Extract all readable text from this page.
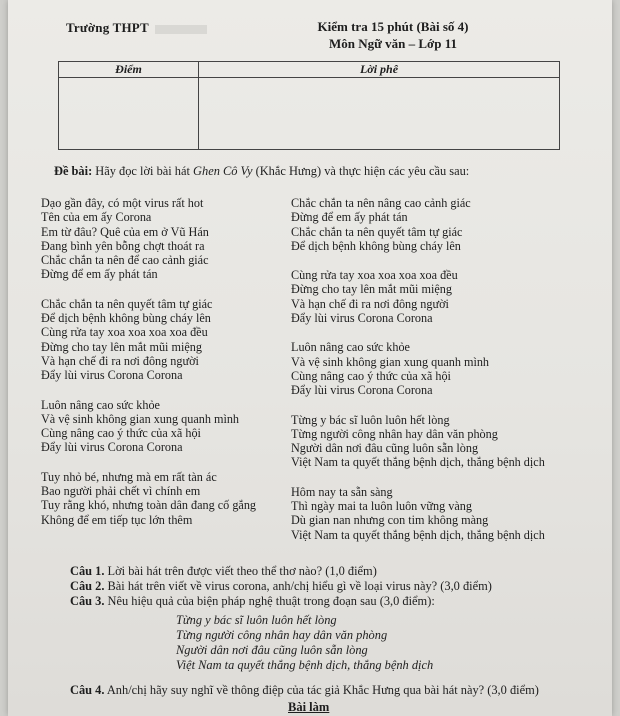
Trường THPT	Kiểm tra 15 phút (Bài số 4)
Môn Ngữ văn – Lớp 11
Điểm	Lời phê

Đề bài: Hãy đọc lời bài hát Ghen Cô Vy (Khắc Hưng) và thực hiện các yêu cầu sau:
Dạo gần đây, có một virus rất hot
Tên của em ấy Corona
Em từ đâu? Quê của em ở Vũ Hán
Đang bình yên bỗng chợt thoát ra
Chắc chắn ta nên để cao cảnh giác
Đừng để em ấy phát tán
Chắc chắn ta nên quyết tâm tự giác
Để dịch bệnh không bùng cháy lên
Cùng rửa tay xoa xoa xoa xoa đều
Đừng cho tay lên mắt mũi miệng
Và hạn chế đi ra nơi đông người
Đẩy lùi virus Corona Corona
Luôn nâng cao sức khỏe
Và vệ sinh không gian xung quanh mình
Cùng nâng cao ý thức của xã hội
Đẩy lùi virus Corona Corona
Tuy nhỏ bé, nhưng mà em rất tàn ác
Bao người phải chết vì chính em
Tuy rằng khó, nhưng toàn dân đang cố gắng
Không để em tiếp tục lớn thêm
Chắc chắn ta nên nâng cao cảnh giác
Đừng để em ấy phát tán
Chắc chắn ta nên quyết tâm tự giác
Để dịch bệnh không bùng cháy lên
Cùng rửa tay xoa xoa xoa xoa đều
Đừng cho tay lên mắt mũi miệng
Và hạn chế đi ra nơi đông người
Đẩy lùi virus Corona Corona
Luôn nâng cao sức khỏe
Và vệ sinh không gian xung quanh mình
Cùng nâng cao ý thức của xã hội
Đẩy lùi virus Corona Corona
Từng y bác sĩ luôn luôn hết lòng
Từng người công nhân hay dân văn phòng
Người dân nơi đâu cũng luôn sẵn lòng
Việt Nam ta quyết thắng bệnh dịch, thắng bệnh dịch
Hôm nay ta sẵn sàng
Thì ngày mai ta luôn luôn vững vàng
Dù gian nan nhưng con tim không màng
Việt Nam ta quyết thắng bệnh dịch, thắng bệnh dịch
Câu 1. Lời bài hát trên được viết theo thể thơ nào? (1,0 điểm)
Câu 2. Bài hát trên viết về virus corona, anh/chị hiểu gì về loại virus này? (3,0 điểm)
Câu 3. Nêu hiệu quả của biện pháp nghệ thuật trong đoạn sau (3,0 điểm):
Từng y bác sĩ luôn luôn hết lòng
Từng người công nhân hay dân văn phòng
Người dân nơi đâu cũng luôn sẵn lòng
Việt Nam ta quyết thắng bệnh dịch, thắng bệnh dịch
Câu 4. Anh/chị hãy suy nghĩ về thông điệp của tác giả Khắc Hưng qua bài hát này? (3,0 điểm)
Bài làm
